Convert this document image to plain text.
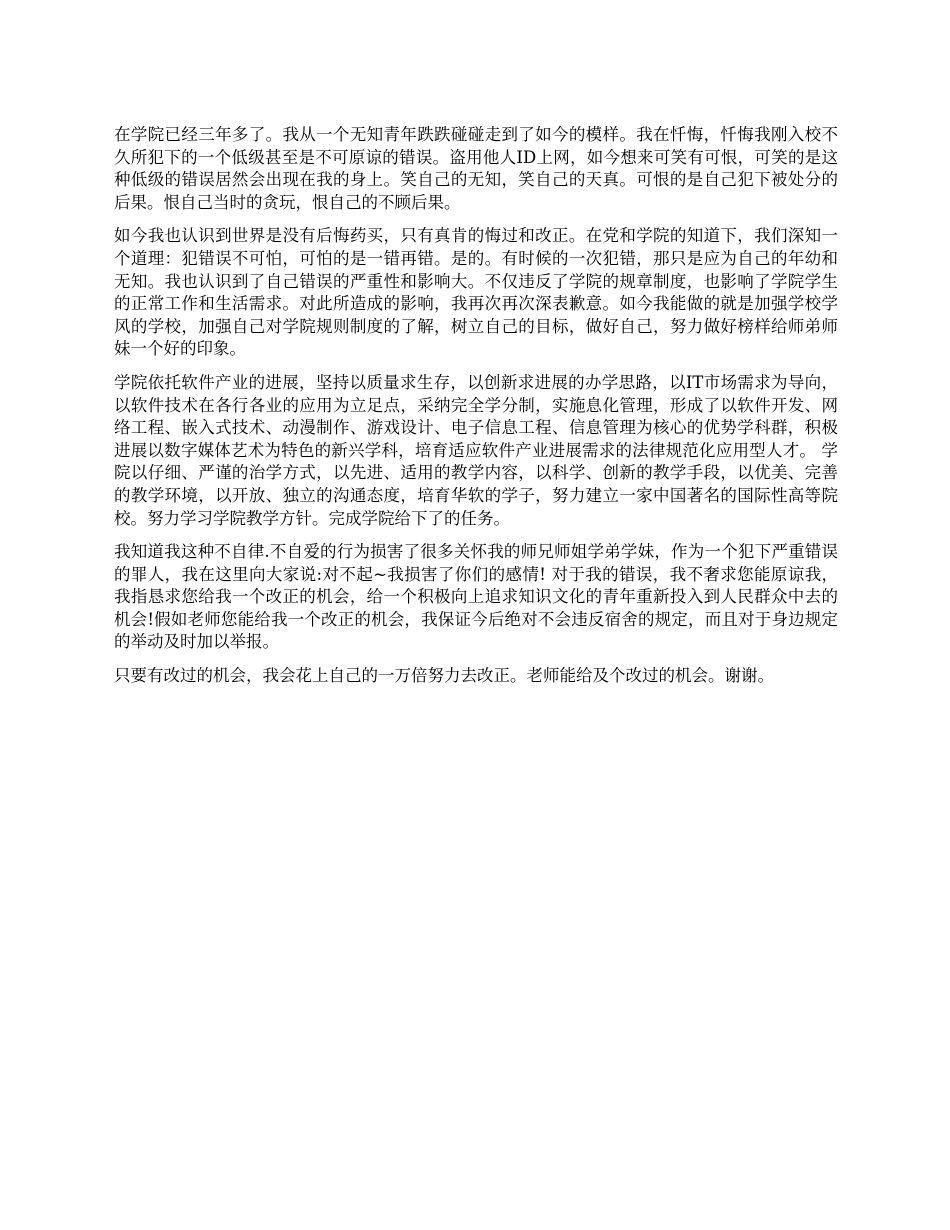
在学院已经三年多了。我从一个无知青年跌跌碰碰走到了如今的模样。我在忏悔，忏悔我刚入校不久所犯下的一个低级甚至是不可原谅的错误。盗用他人ID上网，如今想来可笑有可恨，可笑的是这种低级的错误居然会出现在我的身上。笑自己的无知，笑自己的天真。可恨的是自己犯下被处分的后果。恨自己当时的贪玩，恨自己的不顾后果。

如今我也认识到世界是没有后悔药买，只有真肯的悔过和改正。在党和学院的知道下，我们深知一个道理：犯错误不可怕，可怕的是一错再错。是的。有时候的一次犯错，那只是应为自己的年幼和无知。我也认识到了自己错误的严重性和影响大。不仅违反了学院的规章制度，也影响了学院学生的正常工作和生活需求。对此所造成的影响，我再次再次深表歉意。如今我能做的就是加强学校学风的学校，加强自己对学院规则制度的了解，树立自己的目标，做好自己，努力做好榜样给师弟师妹一个好的印象。

学院依托软件产业的进展，坚持以质量求生存，以创新求进展的办学思路，以IT市场需求为导向，以软件技术在各行各业的应用为立足点，采纳完全学分制，实施息化管理，形成了以软件开发、网络工程、嵌入式技术、动漫制作、游戏设计、电子信息工程、信息管理为核心的优势学科群，积极进展以数字媒体艺术为特色的新兴学科，培育适应软件产业进展需求的法律规范化应用型人才。 学院以仔细、严谨的治学方式，以先进、适用的教学内容，以科学、创新的教学手段，以优美、完善的教学环境，以开放、独立的沟通态度，培育华软的学子，努力建立一家中国著名的国际性高等院校。努力学习学院教学方针。完成学院给下了的任务。

我知道我这种不自律.不自爱的行为损害了很多关怀我的师兄师姐学弟学妹，作为一个犯下严重错误的罪人，我在这里向大家说:对不起~我损害了你们的感情! 对于我的错误，我不奢求您能原谅我，我指恳求您给我一个改正的机会，给一个积极向上追求知识文化的青年重新投入到人民群众中去的机会!假如老师您能给我一个改正的机会，我保证今后绝对不会违反宿舍的规定，而且对于身边规定的举动及时加以举报。

只要有改过的机会，我会花上自己的一万倍努力去改正。老师能给及个改过的机会。谢谢。
